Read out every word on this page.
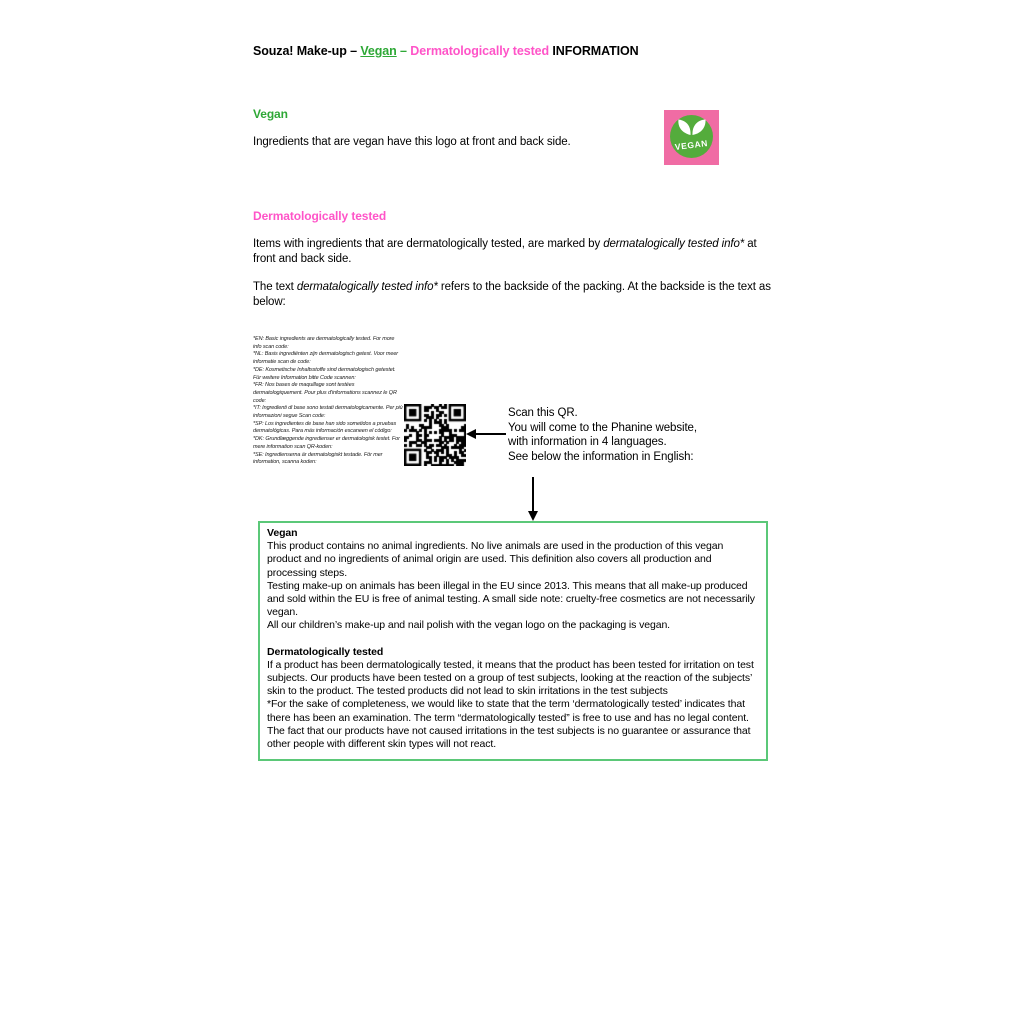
Souza! Make-up – Vegan – Dermatologically tested INFORMATION
Vegan
Ingredients that are vegan have this logo at front and back side.	VEGAN
Dermatologically tested
Items with ingredients that are dermatologically tested, are marked by dermatalogically tested info* at front and back side.
The text dermatalogically tested info* refers to the backside of the packing. At the backside is the text as below:
*EN: Basic ingredients are dermatologically tested. For more info scan code:
*NL: Basis ingrediënten zijn dermatologisch getest. Voor meer informatie scan de code:
*DE: Kosmetische Inhaltsstoffe sind dermatologisch getestet. Für weitere Information bitte Code scannen:
*FR: Nos bases de maquillage sont testées dermatologiquement. Pour plus d'informations scannez le QR code:
*IT: Ingredienti di base sono testati dermatologicamente. Per più informazioni segue Scan code:
*SP: Los ingredientes de base han sido sometidos a pruebas dermatológicas. Para más información escaneen el código:
*DK: Grundlæggende ingredienser er dermatologisk testet. For mere information scan QR-koden:
*SE: Ingredienserna är dermatologiskt testade. För mer information, scanna koden:
Scan this QR.
You will come to the Phanine website,
with information in 4 languages.
See below the information in English:
Vegan
This product contains no animal ingredients. No live animals are used in the production of this vegan product and no ingredients of animal origin are used. This definition also covers all production and processing steps.
Testing make-up on animals has been illegal in the EU since 2013. This means that all make-up produced and sold within the EU is free of animal testing. A small side note: cruelty-free cosmetics are not necessarily vegan.
All our children’s make-up and nail polish with the vegan logo on the packaging is vegan.
Dermatologically tested
If a product has been dermatologically tested, it means that the product has been tested for irritation on test subjects. Our products have been tested on a group of test subjects, looking at the reaction of the subjects’ skin to the product. The tested products did not lead to skin irritations in the test subjects
*For the sake of completeness, we would like to state that the term ‘dermatologically tested’ indicates that there has been an examination. The term “dermatologically tested” is free to use and has no legal content. The fact that our products have not caused irritations in the test subjects is no guarantee or assurance that other people with different skin types will not react.
